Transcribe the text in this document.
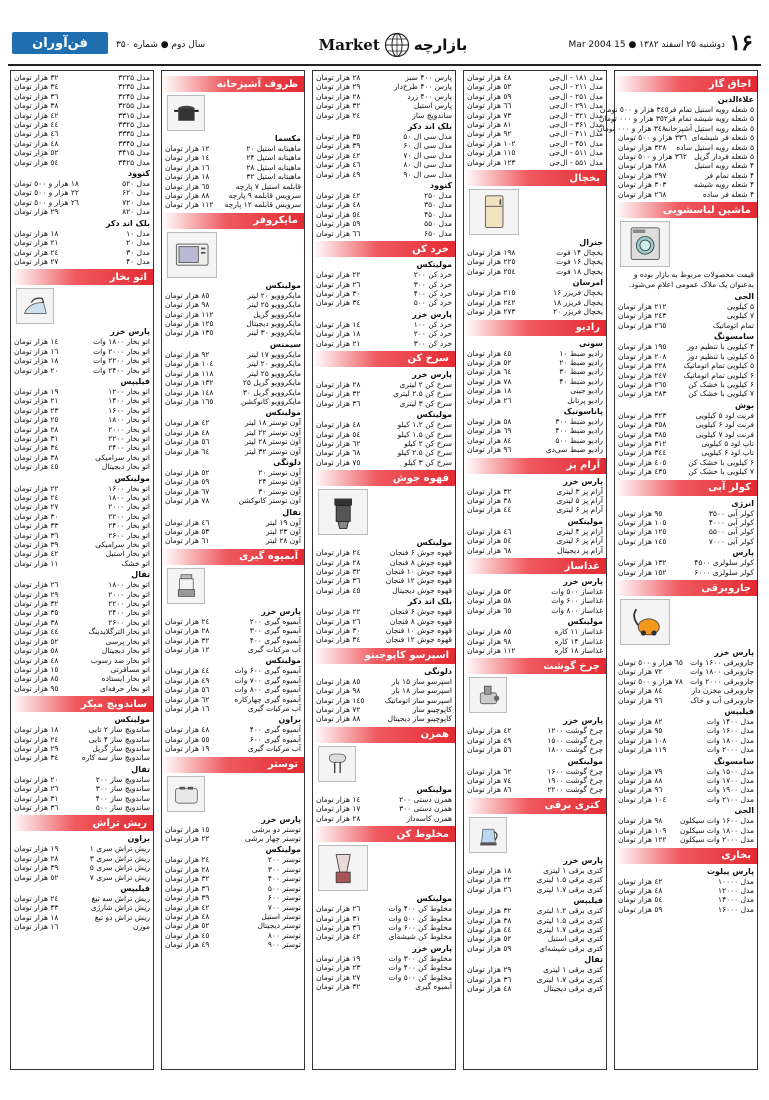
١۶
دوشنبه ٢۵ اسفند ١٣٨٢ ● 15 Mar 2004
Market بازارچه
سال دوم ● شماره ٣۵٠
فن‌آوران
اجاق گاز
علاءالدین
۵ شعله رویه استیل تمام فر
٣٤٥ هزار و ٥٠٠ تومان
۵ شعله رویه شیشه تمام فر
٣٥٢ هزار و ٠٠٠ تومان
۵ شعله رویه استیل آشپزخانه
٣٤٨ هزار و ٠٠٠ تومان
۵ شعله فر شیشه‌ای
٣٣٦ هزار و ٥٠٠ تومان
۵ شعله رویه استیل ساده
٣٢٨ هزار تومان
۵ شعله فردار گریل
٣٦٢ هزار و ٥٠٠ تومان
۴ شعله رویه استیل
٢٨٨ هزار تومان
۴ شعله تمام فر
٢٩٧ هزار تومان
۴ شعله رویه شیشه
٣٠٣ هزار تومان
۴ شعله فر ساده
٢٦٨ هزار تومان
ماشین لباسشویی
قیمت محصولات مربوط به بازار بوده و به‌عنوان یک ملاک عمومی اعلام می‌شود.
الجی
۵ کیلویی
٢١٢ هزار تومان
۷ کیلویی
٢٤٣ هزار تومان
تمام اتوماتیک
٢٦٥ هزار تومان
سامسونگ
۴ کیلویی با تنظیم دور
١٩٥ هزار تومان
۵ کیلویی با تنظیم دور
٢٠٨ هزار تومان
۵ کیلویی تمام اتوماتیک
٢٢٨ هزار تومان
۶ کیلویی تمام اتوماتیک
٢٤٧ هزار تومان
۶ کیلویی با خشک کن
٢٦٥ هزار تومان
۷ کیلویی با خشک کن
٢٨٣ هزار تومان
بوش
فرنت لود ۵ کیلویی
٣٢٣ هزار تومان
فرنت لود ۶ کیلویی
٣٥٨ هزار تومان
فرنت لود ۷ کیلویی
٣٨٥ هزار تومان
تاپ لود ۵ کیلویی
٣١٢ هزار تومان
تاپ لود ۶ کیلویی
٣٤٤ هزار تومان
۶ کیلویی با خشک کن
٤٠٥ هزار تومان
۷ کیلویی با خشک کن
٤٣٥ هزار تومان
کولر آبی
انرژی
کولر آبی ۳۵۰۰
٩٥ هزار تومان
کولر آبی ۴۰۰۰
١٠٥ هزار تومان
کولر آبی ۵۵۰۰
١٢٥ هزار تومان
کولر آبی ۷۰۰۰
١٤٥ هزار تومان
پارس
کولر سلولزی ۴۵۰۰
١٣٢ هزار تومان
کولر سلولزی ۶۰۰۰
١٥٢ هزار تومان
جاروبرقی
پارس خزر
جاروبرقی ۱۶۰۰ وات
٦٥ هزار و ٥٠٠ تومان
جاروبرقی ۱۸۰۰ وات
٧٢ هزار تومان
جاروبرقی ۲۰۰۰ وات
٧٨ هزار و ٥٠٠ تومان
جاروبرقی مخزن دار
٨٤ هزار تومان
جاروبرقی آب و خاک
٩٦ هزار تومان
فیلیپس
مدل ۱۴۰۰ وات
٨٢ هزار تومان
مدل ۱۶۰۰ وات
٩٥ هزار تومان
مدل ۱۸۰۰ وات
١٠٨ هزار تومان
مدل ۲۰۰۰ وات
١١٩ هزار تومان
سامسونگ
مدل ۱۵۰۰ وات
٧٩ هزار تومان
مدل ۱۷۰۰ وات
٨٨ هزار تومان
مدل ۱۹۰۰ وات
٩٦ هزار تومان
مدل ۲۱۰۰ وات
١٠٤ هزار تومان
الجی
مدل ۱۶۰۰ وات سیکلون
٩٨ هزار تومان
مدل ۱۸۰۰ وات سیکلون
١٠٩ هزار تومان
مدل ۲۰۰۰ وات سیکلون
١٢٢ هزار تومان
بخاری
پارس پیلوت
مدل ۱۰۰۰۰
٤٢ هزار تومان
مدل ۱۲۰۰۰
٤٨ هزار تومان
مدل ۱۴۰۰۰
٥٤ هزار تومان
مدل ۱۶۰۰۰
٥٩ هزار تومان
مدل ۱۸۱ - ال‌جی
٤٨ هزار تومان
مدل ۲۱۱ - ال‌جی
٥٢ هزار تومان
مدل ۲۵۱ - ال‌جی
٥٩ هزار تومان
مدل ۲۹۱ - ال‌جی
٦٦ هزار تومان
مدل ۳۲۱ - ال‌جی
٧٣ هزار تومان
مدل ۳۶۱ - ال‌جی
٨١ هزار تومان
مدل ۴۱۱ - ال‌جی
٩٢ هزار تومان
مدل ۴۵۱ - ال‌جی
١٠٢ هزار تومان
مدل ۵۱۱ - ال‌جی
١١٥ هزار تومان
مدل ۵۵۱ - ال‌جی
١٢٣ هزار تومان
یخچال
جنرال
یخچال ۱۴ فوت
١٩٨ هزار تومان
یخچال ۱۶ فوت
٢٢٥ هزار تومان
یخچال ۱۸ فوت
٢٥٤ هزار تومان
امرسان
یخچال فریزر ۱۶
٢١٥ هزار تومان
یخچال فریزر ۱۸
٢٤٢ هزار تومان
یخچال فریزر ۲۰
٢٧٣ هزار تومان
رادیو
سونی
رادیو ضبط ۱۰
٤٥ هزار تومان
رادیو ضبط ۲۰
٥٢ هزار تومان
رادیو ضبط ۳۰
٦٤ هزار تومان
رادیو ضبط ۴۰
٧٨ هزار تومان
رادیو جیبی
١٨ هزار تومان
رادیو پرتابل
٢٦ هزار تومان
پاناسونیک
رادیو ضبط ۳۰۰
٥٨ هزار تومان
رادیو ضبط ۴۰۰
٦٩ هزار تومان
رادیو ضبط ۵۰۰
٨٤ هزار تومان
رادیو ضبط سی‌دی
٩٦ هزار تومان
آرام پز
پارس خزر
آرام پز ۳ لیتری
٣٢ هزار تومان
آرام پز ۵ لیتری
٣٨ هزار تومان
آرام پز ۶ لیتری
٤٤ هزار تومان
مولینکس
آرام پز ۴ لیتری
٤٦ هزار تومان
آرام پز ۶ لیتری
٥٤ هزار تومان
آرام پز دیجیتال
٦٨ هزار تومان
غذاساز
پارس خزر
غذاساز ۵۰۰ وات
٥٢ هزار تومان
غذاساز ۶۰۰ وات
٥٨ هزار تومان
غذاساز ۸۰۰ وات
٦٥ هزار تومان
مولینکس
غذاساز ۱۱ کاره
٨٥ هزار تومان
غذاساز ۱۴ کاره
٩٨ هزار تومان
غذاساز ۱۸ کاره
١١٢ هزار تومان
چرخ گوشت
پارس خزر
چرخ گوشت ۱۲۰۰
٤٢ هزار تومان
چرخ گوشت ۱۵۰۰
٤٩ هزار تومان
چرخ گوشت ۱۸۰۰
٥٦ هزار تومان
مولینکس
چرخ گوشت ۱۶۰۰
٦٢ هزار تومان
چرخ گوشت ۱۹۰۰
٧٤ هزار تومان
چرخ گوشت ۲۲۰۰
٨٦ هزار تومان
کتری برقی
پارس خزر
کتری برقی ۱ لیتری
١٨ هزار تومان
کتری برقی ۱.۵ لیتری
٢٢ هزار تومان
کتری برقی ۱.۷ لیتری
٢٦ هزار تومان
فیلیپس
کتری برقی ۱.۲ لیتری
٣٢ هزار تومان
کتری برقی ۱.۵ لیتری
٣٨ هزار تومان
کتری برقی ۱.۷ لیتری
٤٤ هزار تومان
کتری برقی استیل
٥٢ هزار تومان
کتری برقی شیشه‌ای
٥٩ هزار تومان
تفال
کتری برقی ۱ لیتری
٢٩ هزار تومان
کتری برقی ۱.۷ لیتری
٣٦ هزار تومان
کتری برقی دیجیتال
٤٨ هزار تومان
پارس ۴۰۰ سبز
٢٨ هزار تومان
پارس ۴۰۰ طرح‌دار
٢٩ هزار تومان
پارس ۴۰۰ زرد
٢٨ هزار تومان
پارس استیل
٣٢ هزار تومان
ساندویچ ساز
٢٤ هزار تومان
بلک اند دکر
مدل سی ال ۵۰
٣٥ هزار تومان
مدل سی ال ۶۰
٣٩ هزار تومان
مدل سی ال ۷۰
٤٢ هزار تومان
مدل سی ال ۸۰
٤٦ هزار تومان
مدل سی ال ۹۰
٤٩ هزار تومان
کنوود
مدل ۲۵۰
٤٢ هزار تومان
مدل ۳۵۰
٤٨ هزار تومان
مدل ۴۵۰
٥٤ هزار تومان
مدل ۵۵۰
٥٩ هزار تومان
مدل ۶۵۰
٦٦ هزار تومان
خرد کن
مولینکس
خرد کن ۲۰۰
٢٢ هزار تومان
خرد کن ۳۰۰
٢٦ هزار تومان
خرد کن ۴۰۰
٣٠ هزار تومان
خرد کن ۵۰۰
٣٤ هزار تومان
پارس خزر
خرد کن ۱۰۰
١٤ هزار تومان
خرد کن ۲۰۰
١٨ هزار تومان
خرد کن ۳۰۰
٢١ هزار تومان
سرخ کن
پارس خزر
سرخ کن ۲ لیتری
٢٨ هزار تومان
سرخ کن ۲.۵ لیتری
٣٢ هزار تومان
سرخ کن ۳ لیتری
٣٦ هزار تومان
مولینکس
سرخ کن ۱.۲ کیلو
٤٨ هزار تومان
سرخ کن ۱.۵ کیلو
٥٤ هزار تومان
سرخ کن ۲ کیلو
٦٢ هزار تومان
سرخ کن ۲.۵ کیلو
٦٨ هزار تومان
سرخ کن ۳ کیلو
٧٥ هزار تومان
قهوه جوش
مولینکس
قهوه جوش ۶ فنجان
٢٤ هزار تومان
قهوه جوش ۸ فنجان
٢٨ هزار تومان
قهوه جوش ۱۰ فنجان
٣٢ هزار تومان
قهوه جوش ۱۲ فنجان
٣٦ هزار تومان
قهوه جوش دیجیتال
٤٥ هزار تومان
بلک اند دکر
قهوه جوش ۶ فنجان
٢٢ هزار تومان
قهوه جوش ۸ فنجان
٢٦ هزار تومان
قهوه جوش ۱۰ فنجان
٣٠ هزار تومان
قهوه جوش ۱۲ فنجان
٣٤ هزار تومان
اسپرسو کاپوچینو
دلونگی
اسپرسو ساز ۱۵ بار
٨٥ هزار تومان
اسپرسو ساز ۱۸ بار
٩٨ هزار تومان
اسپرسو ساز اتوماتیک
١٤٥ هزار تومان
کاپوچینو ساز
٧٢ هزار تومان
کاپوچینو ساز دیجیتال
٨٨ هزار تومان
همزن
مولینکس
همزن دستی ۲۰۰
١٤ هزار تومان
همزن دستی ۳۰۰
١٧ هزار تومان
همزن کاسه‌دار
٢٨ هزار تومان
مخلوط کن
مولینکس
مخلوط کن ۴۰۰ وات
٢٦ هزار تومان
مخلوط کن ۵۰۰ وات
٣١ هزار تومان
مخلوط کن ۶۰۰ وات
٣٦ هزار تومان
مخلوط کن شیشه‌ای
٤٢ هزار تومان
پارس خزر
مخلوط کن ۳۰۰ وات
١٩ هزار تومان
مخلوط کن ۴۰۰ وات
٢٣ هزار تومان
مخلوط کن ۵۰۰ وات
٢٧ هزار تومان
آبمیوه گیری
٣٢ هزار تومان
ظروف آشپزخانه
مکسما
ماهیتابه استیل ۲۰
١٢ هزار تومان
ماهیتابه استیل ۲۴
١٤ هزار تومان
ماهیتابه استیل ۲۸
١٦ هزار تومان
ماهیتابه استیل ۳۲
١٨ هزار تومان
قابلمه استیل ۷ پارچه
٦٥ هزار تومان
سرویس قابلمه ۹ پارچه
٨٨ هزار تومان
سرویس قابلمه ۱۲ پارچه
١١٢ هزار تومان
مایکروفر
مولینکس
مایکروویو ۲۰ لیتر
٨٥ هزار تومان
مایکروویو ۲۵ لیتر
٩٨ هزار تومان
مایکروویو گریل
١١٢ هزار تومان
مایکروویو دیجیتال
١٢٥ هزار تومان
مایکروویو ۳۰ لیتر
١٣٥ هزار تومان
سیمنس
مایکروویو ۱۷ لیتر
٩٢ هزار تومان
مایکروویو ۲۰ لیتر
١٠٤ هزار تومان
مایکروویو ۲۵ لیتر
١١٨ هزار تومان
مایکروویو گریل ۲۵
١٣٢ هزار تومان
مایکروویو گریل ۳۰
١٤٨ هزار تومان
مایکروویو کانوکشن
١٦٥ هزار تومان
مولینکس
آون توستر ۱۸ لیتر
٤٢ هزار تومان
آون توستر ۲۲ لیتر
٤٨ هزار تومان
آون توستر ۲۸ لیتر
٥٦ هزار تومان
آون توستر ۳۲ لیتر
٦٤ هزار تومان
دلونگی
آون توستر ۲۰
٥٢ هزار تومان
آون توستر ۲۴
٥٩ هزار تومان
آون توستر ۳۰
٦٧ هزار تومان
آون توستر کانوکشن
٧٨ هزار تومان
تفال
آون ۱۹ لیتر
٤٦ هزار تومان
آون ۲۳ لیتر
٥٣ هزار تومان
آون ۲۸ لیتر
٦١ هزار تومان
آبمیوه گیری
پارس خزر
آبمیوه گیری ۲۰۰
٢٤ هزار تومان
آبمیوه گیری ۳۰۰
٢٨ هزار تومان
آبمیوه گیری ۴۰۰
٣٢ هزار تومان
آب مرکبات گیری
١٢ هزار تومان
مولینکس
آبمیوه گیری ۶۰۰ وات
٤٤ هزار تومان
آبمیوه گیری ۷۰۰ وات
٤٩ هزار تومان
آبمیوه گیری ۸۰۰ وات
٥٦ هزار تومان
آبمیوه گیری چهارکاره
٦٢ هزار تومان
آب مرکبات گیری
١٦ هزار تومان
براون
آبمیوه گیری ۴۰۰
٤٨ هزار تومان
آبمیوه گیری ۶۰۰
٥٥ هزار تومان
آب مرکبات گیری
١٩ هزار تومان
توستر
پارس خزر
توستر دو برشی
١٥ هزار تومان
توستر چهار برشی
٢٢ هزار تومان
مولینکس
توستر ۲۰۰
٢٤ هزار تومان
توستر ۳۰۰
٢٨ هزار تومان
توستر ۴۰۰
٣٢ هزار تومان
توستر ۵۰۰
٣٦ هزار تومان
توستر ۶۰۰
٣٩ هزار تومان
توستر ۷۰۰
٤٢ هزار تومان
توستر استیل
٤٨ هزار تومان
توستر دیجیتال
٥٢ هزار تومان
توستر ۸۰۰
٤٥ هزار تومان
توستر ۹۰۰
٤٩ هزار تومان
مدل ۳۲۲۵
٣٢ هزار تومان
مدل ۳۲۳۵
٣٤ هزار تومان
مدل ۳۲۴۵
٣٦ هزار تومان
مدل ۳۲۵۵
٣٨ هزار تومان
مدل ۳۳۱۵
٤٢ هزار تومان
مدل ۳۳۲۵
٤٤ هزار تومان
مدل ۳۳۳۵
٤٦ هزار تومان
مدل ۳۳۴۵
٤٨ هزار تومان
مدل ۳۴۱۵
٥٢ هزار تومان
مدل ۳۴۲۵
٥٤ هزار تومان
کنوود
مدل ۵۲۰
١٨ هزار و ٥٠٠ تومان
مدل ۶۲۰
٢٢ هزار و ٥٠٠ تومان
مدل ۷۲۰
٢٦ هزار و ٥٠٠ تومان
مدل ۸۲۰
٢٩ هزار تومان
بلک اند دکر
مدل ۱۰
١٨ هزار تومان
مدل ۲۰
٢١ هزار تومان
مدل ۳۰
٢٤ هزار تومان
مدل ۴۰
٢٧ هزار تومان
اتو بخار
پارس خزر
اتو بخار ۱۸۰۰ وات
١٤ هزار تومان
اتو بخار ۲۰۰۰ وات
١٦ هزار تومان
اتو بخار ۲۲۰۰ وات
١٨ هزار تومان
اتو بخار ۲۴۰۰ وات
٢٠ هزار تومان
فیلیپس
اتو بخار ۱۲۰۰
١٩ هزار تومان
اتو بخار ۱۴۰۰
٢١ هزار تومان
اتو بخار ۱۶۰۰
٢٣ هزار تومان
اتو بخار ۱۸۰۰
٢٥ هزار تومان
اتو بخار ۲۰۰۰
٢٨ هزار تومان
اتو بخار ۲۲۰۰
٣١ هزار تومان
اتو بخار ۲۴۰۰
٣٤ هزار تومان
اتو بخار سرامیکی
٣٨ هزار تومان
اتو بخار دیجیتال
٤٥ هزار تومان
مولینکس
اتو بخار ۱۶۰۰
٢٢ هزار تومان
اتو بخار ۱۸۰۰
٢٤ هزار تومان
اتو بخار ۲۰۰۰
٢٧ هزار تومان
اتو بخار ۲۲۰۰
٣٠ هزار تومان
اتو بخار ۲۴۰۰
٣٣ هزار تومان
اتو بخار ۲۶۰۰
٣٦ هزار تومان
اتو بخار سرامیکی
٣٩ هزار تومان
اتو بخار استیل
٤٢ هزار تومان
اتو خشک
١١ هزار تومان
تفال
اتو بخار ۱۸۰۰
٢٦ هزار تومان
اتو بخار ۲۰۰۰
٢٩ هزار تومان
اتو بخار ۲۲۰۰
٣٢ هزار تومان
اتو بخار ۲۴۰۰
٣٥ هزار تومان
اتو بخار ۲۶۰۰
٣٨ هزار تومان
اتو بخار الترگلایدینگ
٤٤ هزار تومان
اتو بخار پرسی
٥٢ هزار تومان
اتو بخار دیجیتال
٥٨ هزار تومان
اتو بخار ضد رسوب
٤٨ هزار تومان
اتو مسافرتی
١٥ هزار تومان
اتو بخار ایستاده
٨٥ هزار تومان
اتو بخار حرفه‌ای
٩٥ هزار تومان
ساندویچ میکر
مولینکس
ساندویچ ساز ۲ تایی
١٨ هزار تومان
ساندویچ ساز ۴ تایی
٢٤ هزار تومان
ساندویچ ساز گریل
٢٩ هزار تومان
ساندویچ ساز سه کاره
٣٤ هزار تومان
تفال
ساندویچ ساز ۲۰۰
٢٠ هزار تومان
ساندویچ ساز ۳۰۰
٢٦ هزار تومان
ساندویچ ساز ۴۰۰
٣١ هزار تومان
ساندویچ ساز ۵۰۰
٣٦ هزار تومان
ریش تراش
براون
ریش تراش سری ۱
١٩ هزار تومان
ریش تراش سری ۳
٢٨ هزار تومان
ریش تراش سری ۵
٣٩ هزار تومان
ریش تراش سری ۷
٥٢ هزار تومان
فیلیپس
ریش تراش سه تیغ
٢٤ هزار تومان
ریش تراش شارژی
٣٣ هزار تومان
ریش تراش دو تیغ
١٨ هزار تومان
موزن
١٦ هزار تومان
